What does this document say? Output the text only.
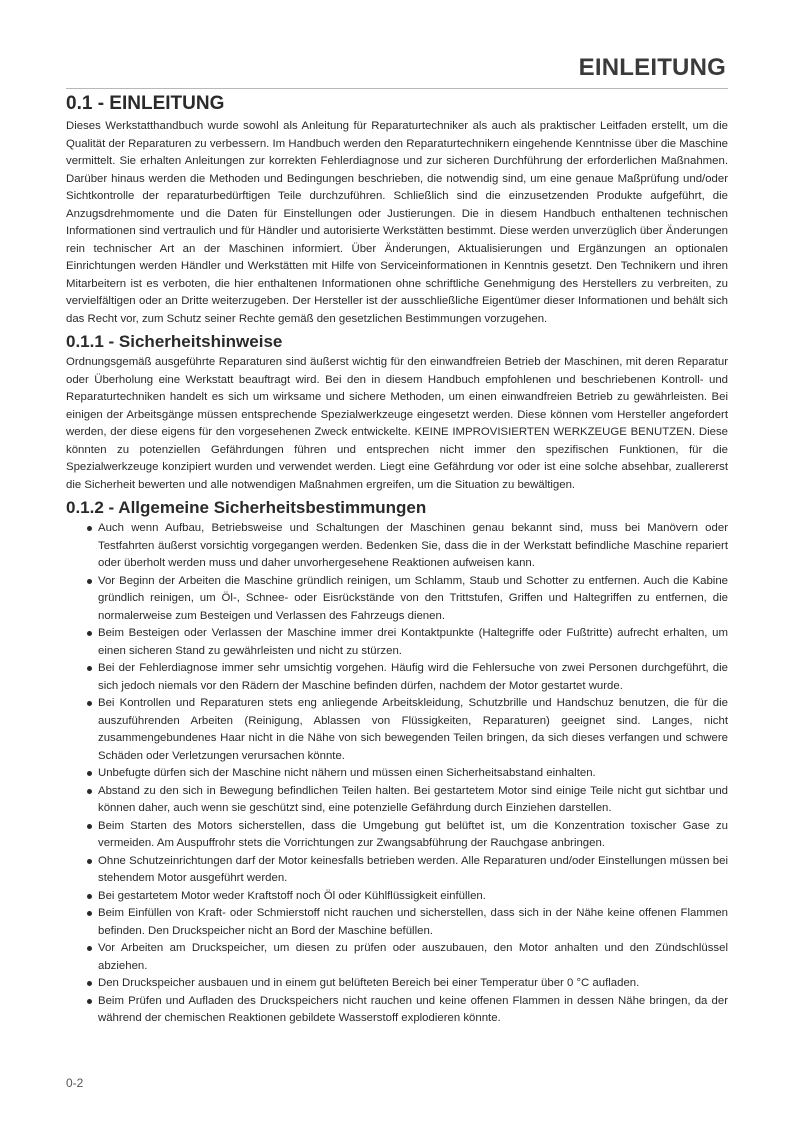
EINLEITUNG
0.1 - EINLEITUNG

Dieses Werkstatthandbuch wurde sowohl als Anleitung für Reparaturtechniker als auch als praktischer Leitfaden erstellt, um die Qualität der Reparaturen zu verbessern. Im Handbuch werden den Reparaturtechnikern eingehende Kenntnisse über die Maschine vermittelt. Sie erhalten Anleitungen zur korrekten Fehlerdiagnose und zur sicheren Durchführung der erforderlichen Maßnahmen. Darüber hinaus werden die Methoden und Bedingungen beschrieben, die notwendig sind, um eine genaue Maßprüfung und/oder Sichtkontrolle der reparaturbedürftigen Teile durchzuführen. Schließlich sind die einzusetzenden Produkte aufgeführt, die Anzugsdrehmomente und die Daten für Einstellungen oder Justierungen. Die in diesem Handbuch enthaltenen technischen Informationen sind vertraulich und für Händler und autorisierte Werkstätten bestimmt. Diese werden unverzüglich über Änderungen rein technischer Art an der Maschinen informiert. Über Änderungen, Aktualisierungen und Ergänzungen an optionalen Einrichtungen werden Händler und Werkstätten mit Hilfe von Serviceinformationen in Kenntnis gesetzt. Den Technikern und ihren Mitarbeitern ist es verboten, die hier enthaltenen Informationen ohne schriftliche Genehmigung des Herstellers zu verbreiten, zu vervielfältigen oder an Dritte weiterzugeben. Der Hersteller ist der ausschließliche Eigentümer dieser Informationen und behält sich das Recht vor, zum Schutz seiner Rechte gemäß den gesetzlichen Bestimmungen vorzugehen.

0.1.1 - Sicherheitshinweise

Ordnungsgemäß ausgeführte Reparaturen sind äußerst wichtig für den einwandfreien Betrieb der Maschinen, mit deren Reparatur oder Überholung eine Werkstatt beauftragt wird. Bei den in diesem Handbuch empfohlenen und beschriebenen Kontroll- und Reparaturtechniken handelt es sich um wirksame und sichere Methoden, um einen einwandfreien Betrieb zu gewährleisten. Bei einigen der Arbeitsgänge müssen entsprechende Spezialwerkzeuge eingesetzt werden. Diese können vom Hersteller angefordert werden, der diese eigens für den vorgesehenen Zweck entwickelte. KEINE IMPROVISIERTEN WERKZEUGE BENUTZEN. Diese könnten zu potenziellen Gefährdungen führen und entsprechen nicht immer den spezifischen Funktionen, für die Spezialwerkzeuge konzipiert wurden und verwendet werden. Liegt eine Gefährdung vor oder ist eine solche absehbar, zuallererst die Sicherheit bewerten und alle notwendigen Maßnahmen ergreifen, um die Situation zu bewältigen.

0.1.2 - Allgemeine Sicherheitsbestimmungen
Auch wenn Aufbau, Betriebsweise und Schaltungen der Maschinen genau bekannt sind, muss bei Manövern oder Testfahrten äußerst vorsichtig vorgegangen werden. Bedenken Sie, dass die in der Werkstatt befindliche Maschine repariert oder überholt werden muss und daher unvorhergesehene Reaktionen aufweisen kann.
Vor Beginn der Arbeiten die Maschine gründlich reinigen, um Schlamm, Staub und Schotter zu entfernen. Auch die Kabine gründlich reinigen, um Öl-, Schnee- oder Eisrückstände von den Trittstufen, Griffen und Haltegriffen zu entfernen, die normalerweise zum Besteigen und Verlassen des Fahrzeugs dienen.
Beim Besteigen oder Verlassen der Maschine immer drei Kontaktpunkte (Haltegriffe oder Fußtritte) aufrecht erhalten, um einen sicheren Stand zu gewährleisten und nicht zu stürzen.
Bei der Fehlerdiagnose immer sehr umsichtig vorgehen. Häufig wird die Fehlersuche von zwei Personen durchgeführt, die sich jedoch niemals vor den Rädern der Maschine befinden dürfen, nachdem der Motor gestartet wurde.
Bei Kontrollen und Reparaturen stets eng anliegende Arbeitskleidung, Schutzbrille und Handschuz benutzen, die für die auszuführenden Arbeiten (Reinigung, Ablassen von Flüssigkeiten, Reparaturen) geeignet sind. Langes, nicht zusammengebundenes Haar nicht in die Nähe von sich bewegenden Teilen bringen, da sich dieses verfangen und schwere Schäden oder Verletzungen verursachen könnte.
Unbefugte dürfen sich der Maschine nicht nähern und müssen einen Sicherheitsabstand einhalten.
Abstand zu den sich in Bewegung befindlichen Teilen halten. Bei gestartetem Motor sind einige Teile nicht gut sichtbar und können daher, auch wenn sie geschützt sind, eine potenzielle Gefährdung durch Einziehen darstellen.
Beim Starten des Motors sicherstellen, dass die Umgebung gut belüftet ist, um die Konzentration toxischer Gase zu vermeiden. Am Auspuffrohr stets die Vorrichtungen zur Zwangsabführung der Rauchgase anbringen.
Ohne Schutzeinrichtungen darf der Motor keinesfalls betrieben werden. Alle Reparaturen und/oder Einstellungen müssen bei stehendem Motor ausgeführt werden.
Bei gestartetem Motor weder Kraftstoff noch Öl oder Kühlflüssigkeit einfüllen.
Beim Einfüllen von Kraft- oder Schmierstoff nicht rauchen und sicherstellen, dass sich in der Nähe keine offenen Flammen befinden. Den Druckspeicher nicht an Bord der Maschine befüllen.
Vor Arbeiten am Druckspeicher, um diesen zu prüfen oder auszubauen, den Motor anhalten und den Zündschlüssel abziehen.
Den Druckspeicher ausbauen und in einem gut belüfteten Bereich bei einer Temperatur über 0 °C aufladen.
Beim Prüfen und Aufladen des Druckspeichers nicht rauchen und keine offenen Flammen in dessen Nähe bringen, da der während der chemischen Reaktionen gebildete Wasserstoff explodieren könnte.
0-2
